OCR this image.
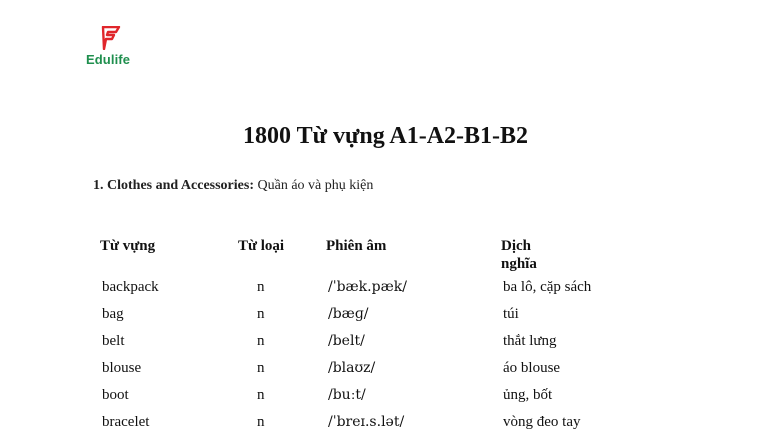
Edulife
1800 Từ vựng A1-A2-B1-B2
1. Clothes and Accessories: Quần áo và phụ kiện
Từ vựng	Từ loại	Phiên âm	Dịch nghĩa
backpack	n	/ˈbæk.pæk/	ba lô, cặp sách
bag	n	/bæɡ/	túi
belt	n	/belt/	thắt lưng
blouse	n	/blaʊz/	áo blouse
boot	n	/buːt/	ủng, bốt
bracelet	n	/ˈbreɪ.s.lət/	vòng đeo tay
